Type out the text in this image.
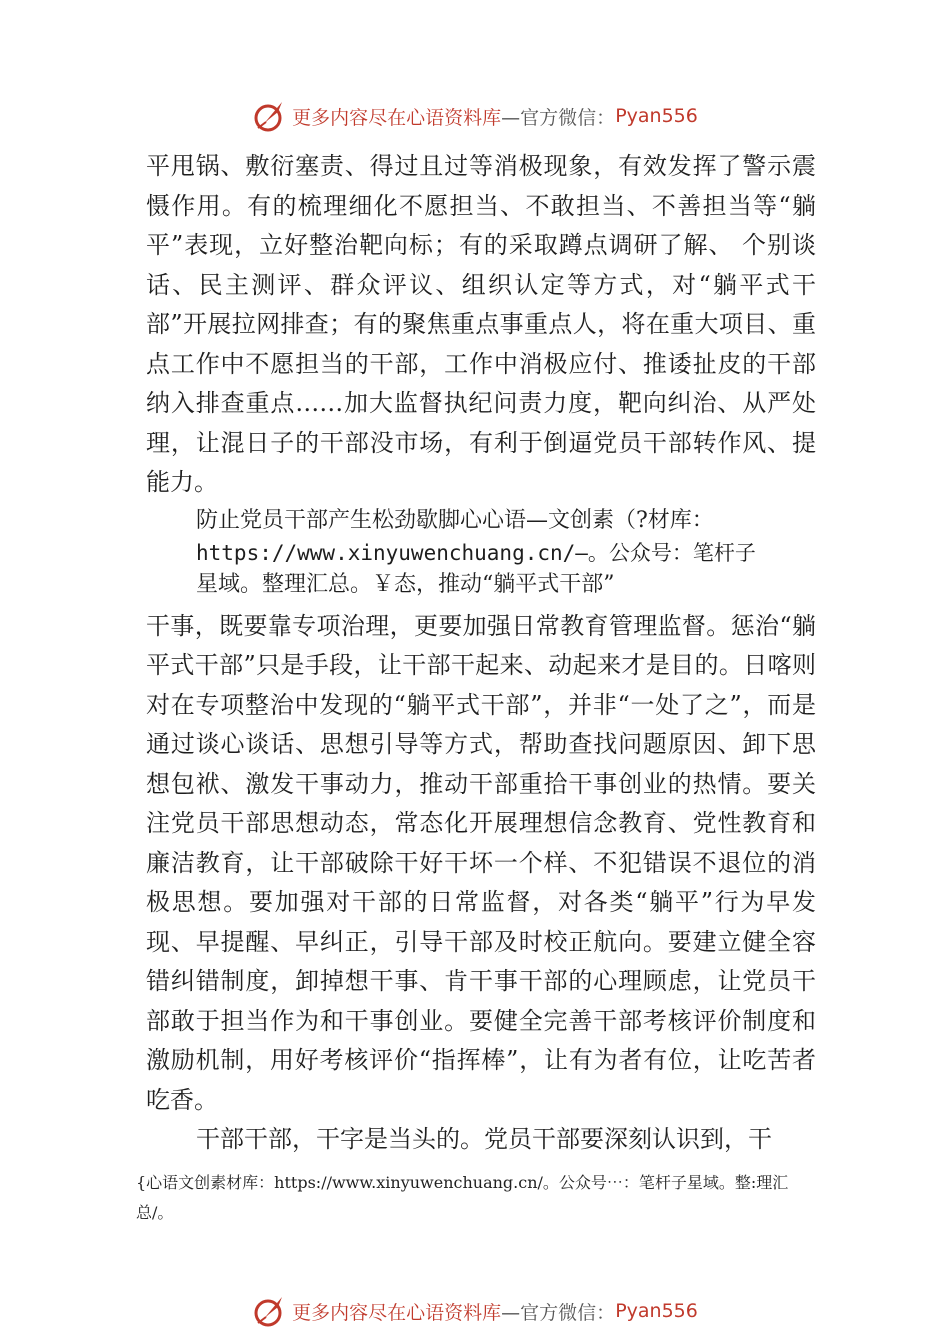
更多内容尽在心语资料库 —官方微信： Pyan556

平甩锅、敷衍塞责、得过且过等消极现象，有效发挥了警示震慑作用。有的梳理细化不愿担当、不敢担当、不善担当等“躺平”表现，立好整治靶向标；有的采取蹲点调研了解、 个别谈话、民主测评、群众评议、组织认定等方式，对“躺平式干部”开展拉网排查；有的聚焦重点事重点人，将在重大项目、重点工作中不愿担当的干部，工作中消极应付、推诿扯皮的干部纳入排查重点……加大监督执纪问责力度，靶向纠治、从严处理，让混日子的干部没市场，有利于倒逼党员干部转作风、提能力。

防止党员干部产生松劲歇脚心心语—文创素（?材库：
https://www.xinyuwenchuang.cn/—。公众号：笔杆子
星域。整理汇总。￥态，推动“躺平式干部”

干事，既要靠专项治理，更要加强日常教育管理监督。惩治“躺平式干部”只是手段，让干部干起来、动起来才是目的。日喀则对在专项整治中发现的“躺平式干部”，并非“一处了之”，而是通过谈心谈话、思想引导等方式，帮助查找问题原因、卸下思想包袱、激发干事动力，推动干部重拾干事创业的热情。要关注党员干部思想动态，常态化开展理想信念教育、党性教育和廉洁教育，让干部破除干好干坏一个样、不犯错误不退位的消极思想。要加强对干部的日常监督，对各类“躺平”行为早发现、早提醒、早纠正，引导干部及时校正航向。要建立健全容错纠错制度，卸掉想干事、肯干事干部的心理顾虑，让党员干部敢于担当作为和干事创业。要健全完善干部考核评价制度和激励机制，用好考核评价“指挥棒”，让有为者有位，让吃苦者吃香。

干部干部，干字是当头的。党员干部要深刻认识到，干

{心语文创素材库：https://www.xinyuwenchuang.cn/。公众号⋯：笔杆子星域。整:理汇
总/。
更多内容尽在心语资料库 —官方微信： Pyan556
